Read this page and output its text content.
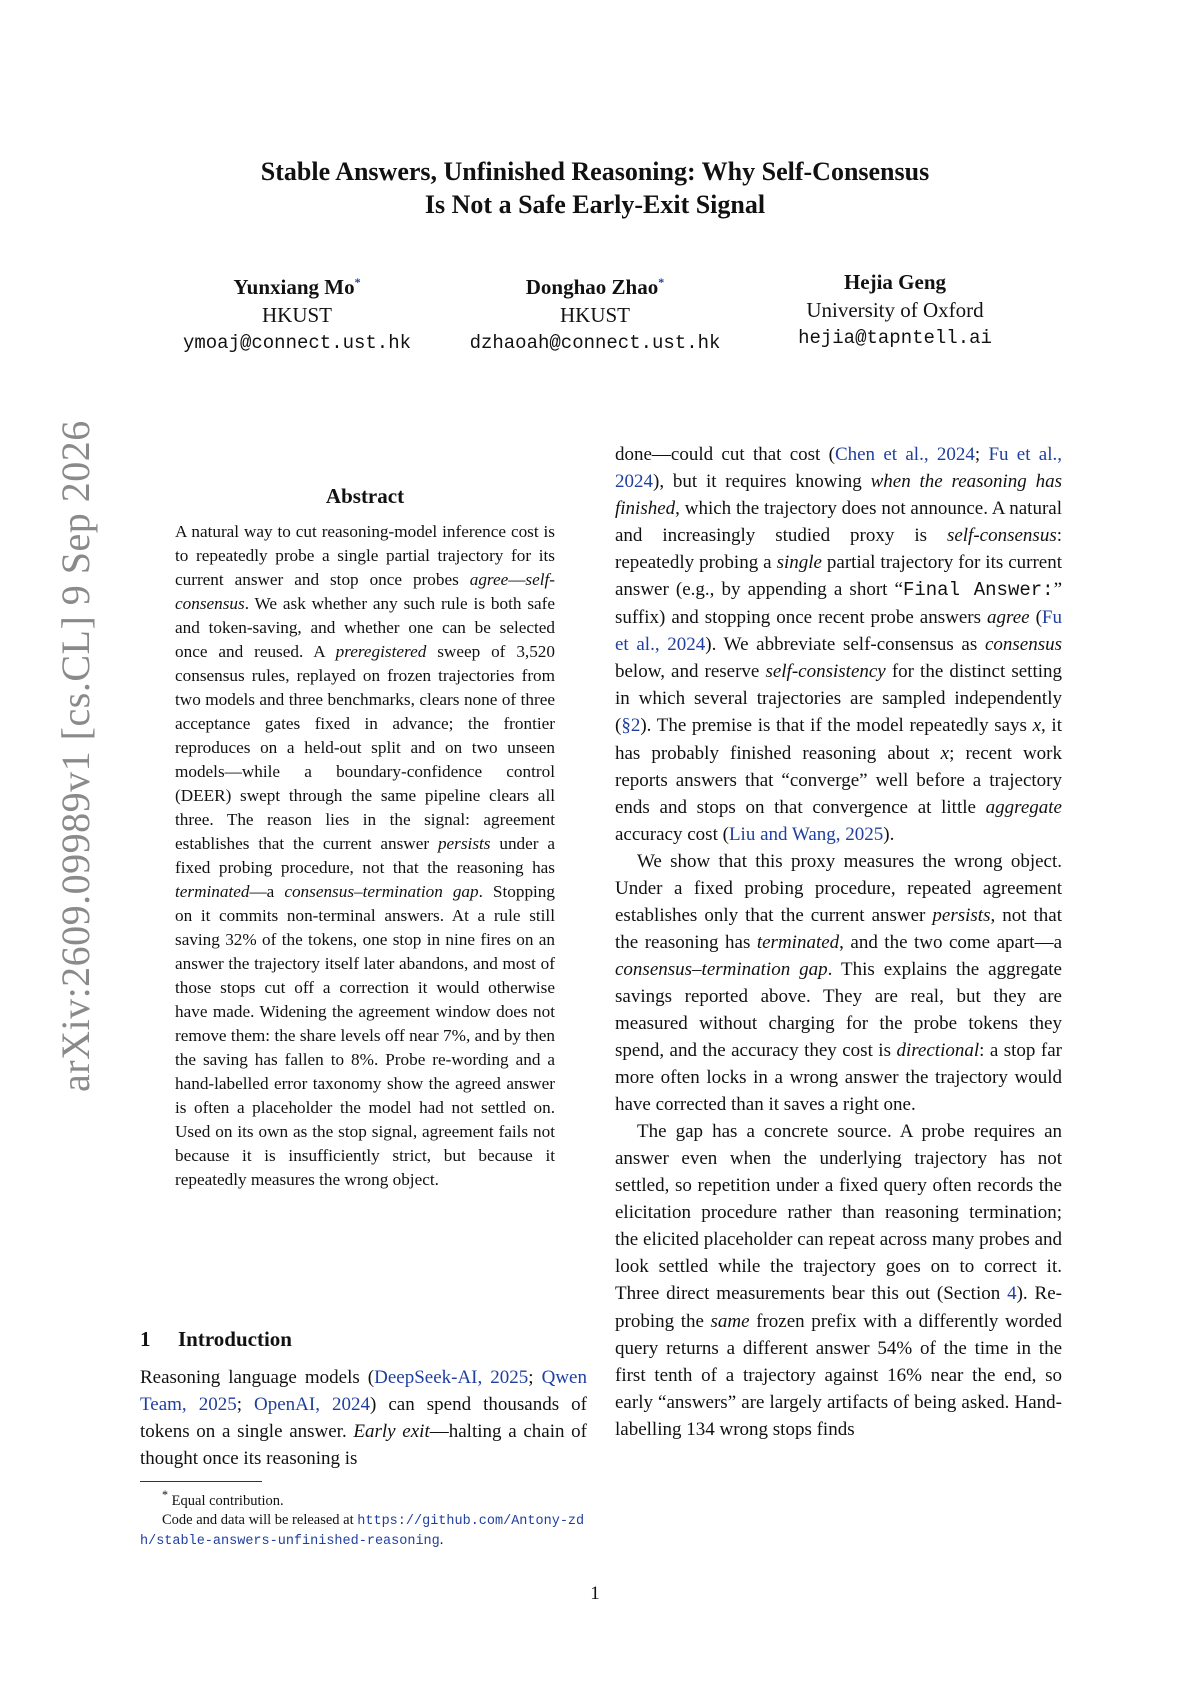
Stable Answers, Unfinished Reasoning: Why Self-Consensus
Is Not a Safe Early-Exit Signal
Yunxiang Mo*
HKUST
ymoaj@connect.ust.hk
Donghao Zhao*
HKUST
dzhaoah@connect.ust.hk
Hejia Geng
University of Oxford
hejia@tapntell.ai
arXiv:2609.09989v1 [cs.CL] 9 Sep 2026	Abstract

A natural way to cut reasoning-model inference cost is to repeatedly probe a single partial trajectory for its current answer and stop once probes agree—self-consensus. We ask whether any such rule is both safe and token-saving, and whether one can be selected once and reused. A preregistered sweep of 3,520 consensus rules, replayed on frozen trajectories from two models and three benchmarks, clears none of three acceptance gates fixed in advance; the frontier reproduces on a held-out split and on two unseen models—while a boundary-confidence control (DEER) swept through the same pipeline clears all three. The reason lies in the signal: agreement establishes that the current answer persists under a fixed probing procedure, not that the reasoning has terminated—a consensus–termination gap. Stopping on it commits non-terminal answers. At a rule still saving 32% of the tokens, one stop in nine fires on an answer the trajectory itself later abandons, and most of those stops cut off a correction it would otherwise have made. Widening the agreement window does not remove them: the share levels off near 7%, and by then the saving has fallen to 8%. Probe re-wording and a hand-labelled error taxonomy show the agreed answer is often a placeholder the model had not settled on. Used on its own as the stop signal, agreement fails not because it is insufficiently strict, but because it repeatedly measures the wrong object.

1 Introduction

Reasoning language models (DeepSeek-AI, 2025; Qwen Team, 2025; OpenAI, 2024) can spend thousands of tokens on a single answer. Early exit—halting a chain of thought once its reasoning is

* Equal contribution.

Code and data will be released at https://github.com/Antony-zdh/stable-answers-unfinished-reasoning.

done—could cut that cost (Chen et al., 2024; Fu et al., 2024), but it requires knowing when the reasoning has finished, which the trajectory does not announce. A natural and increasingly studied proxy is self-consensus: repeatedly probing a single partial trajectory for its current answer (e.g., by appending a short “Final Answer:” suffix) and stopping once recent probe answers agree (Fu et al., 2024). We abbreviate self-consensus as consensus below, and reserve self-consistency for the distinct setting in which several trajectories are sampled independently (§2). The premise is that if the model repeatedly says x, it has probably finished reasoning about x; recent work reports answers that “converge” well before a trajectory ends and stops on that convergence at little aggregate accuracy cost (Liu and Wang, 2025).

We show that this proxy measures the wrong object. Under a fixed probing procedure, repeated agreement establishes only that the current answer persists, not that the reasoning has terminated, and the two come apart—a consensus–termination gap. This explains the aggregate savings reported above. They are real, but they are measured without charging for the probe tokens they spend, and the accuracy they cost is directional: a stop far more often locks in a wrong answer the trajectory would have corrected than it saves a right one.

The gap has a concrete source. A probe requires an answer even when the underlying trajectory has not settled, so repetition under a fixed query often records the elicitation procedure rather than reasoning termination; the elicited placeholder can repeat across many probes and look settled while the trajectory goes on to correct it. Three direct measurements bear this out (Section 4). Re-probing the same frozen prefix with a differently worded query returns a different answer 54% of the time in the first tenth of a trajectory against 16% near the end, so early “answers” are largely artifacts of being asked. Hand-labelling 134 wrong stops finds

1
